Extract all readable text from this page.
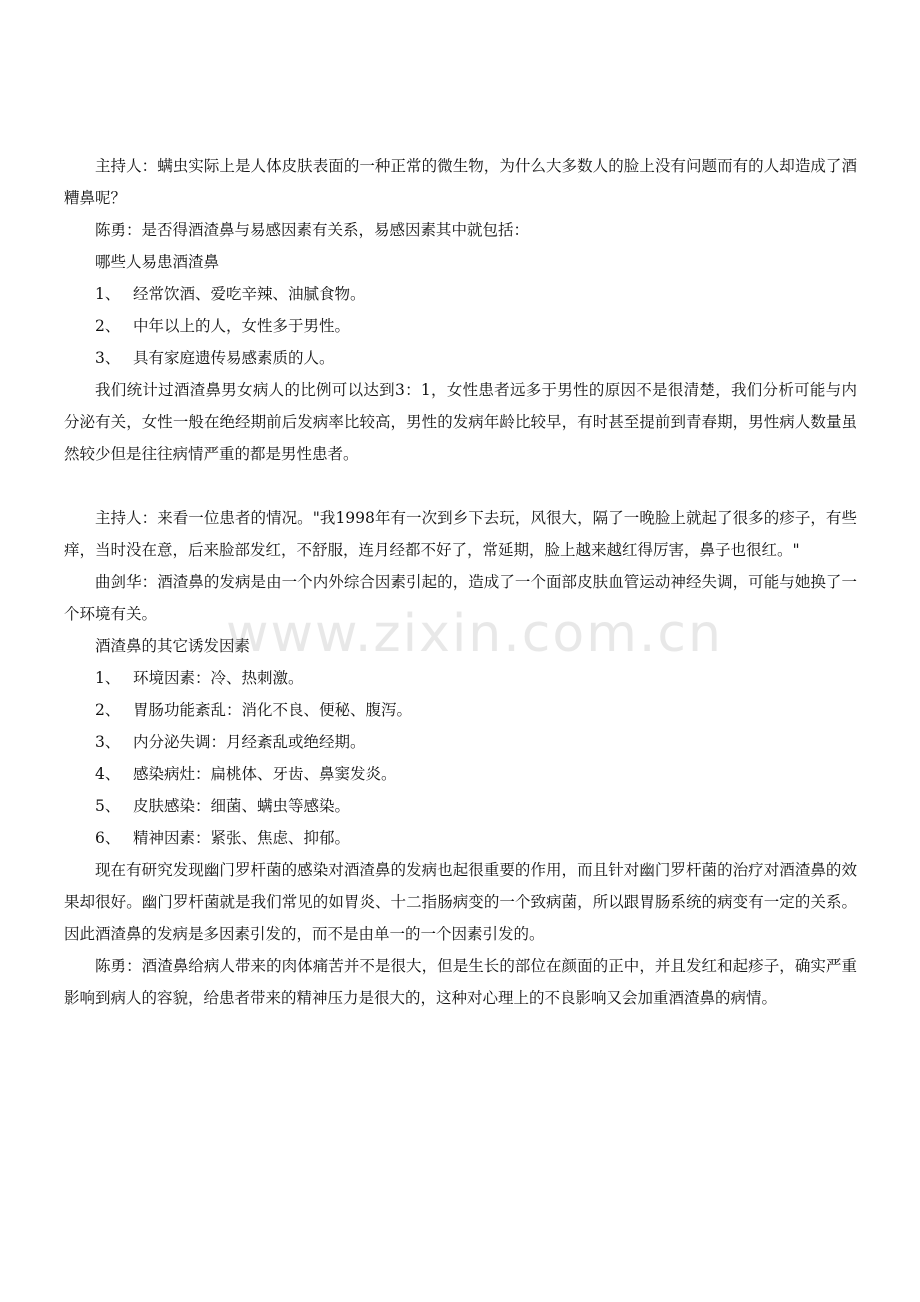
主持人：螨虫实际上是人体皮肤表面的一种正常的微生物，为什么大多数人的脸上没有问题而有的人却造成了酒糟鼻呢？

陈勇：是否得酒渣鼻与易感因素有关系，易感因素其中就包括：

哪些人易患酒渣鼻

1、 经常饮酒、爱吃辛辣、油腻食物。
2、 中年以上的人，女性多于男性。
3、 具有家庭遗传易感素质的人。

我们统计过酒渣鼻男女病人的比例可以达到3：1，女性患者远多于男性的原因不是很清楚，我们分析可能与内分泌有关，女性一般在绝经期前后发病率比较高，男性的发病年龄比较早，有时甚至提前到青春期，男性病人数量虽然较少但是往往病情严重的都是男性患者。

主持人：来看一位患者的情况。"我1998年有一次到乡下去玩，风很大，隔了一晚脸上就起了很多的疹子，有些痒，当时没在意，后来脸部发红，不舒服，连月经都不好了，常延期，脸上越来越红得厉害，鼻子也很红。"

曲剑华：酒渣鼻的发病是由一个内外综合因素引起的，造成了一个面部皮肤血管运动神经失调，可能与她换了一个环境有关。

酒渣鼻的其它诱发因素

1、 环境因素：冷、热刺激。
2、 胃肠功能紊乱：消化不良、便秘、腹泻。
3、 内分泌失调：月经紊乱或绝经期。
4、 感染病灶：扁桃体、牙齿、鼻窦发炎。
5、 皮肤感染：细菌、螨虫等感染。
6、 精神因素：紧张、焦虑、抑郁。

现在有研究发现幽门罗杆菌的感染对酒渣鼻的发病也起很重要的作用，而且针对幽门罗杆菌的治疗对酒渣鼻的效果却很好。幽门罗杆菌就是我们常见的如胃炎、十二指肠病变的一个致病菌，所以跟胃肠系统的病变有一定的关系。因此酒渣鼻的发病是多因素引发的，而不是由单一的一个因素引发的。

陈勇：酒渣鼻给病人带来的肉体痛苦并不是很大，但是生长的部位在颜面的正中，并且发红和起疹子，确实严重影响到病人的容貌，给患者带来的精神压力是很大的，这种对心理上的不良影响又会加重酒渣鼻的病情。

www.zixin.com.cn
